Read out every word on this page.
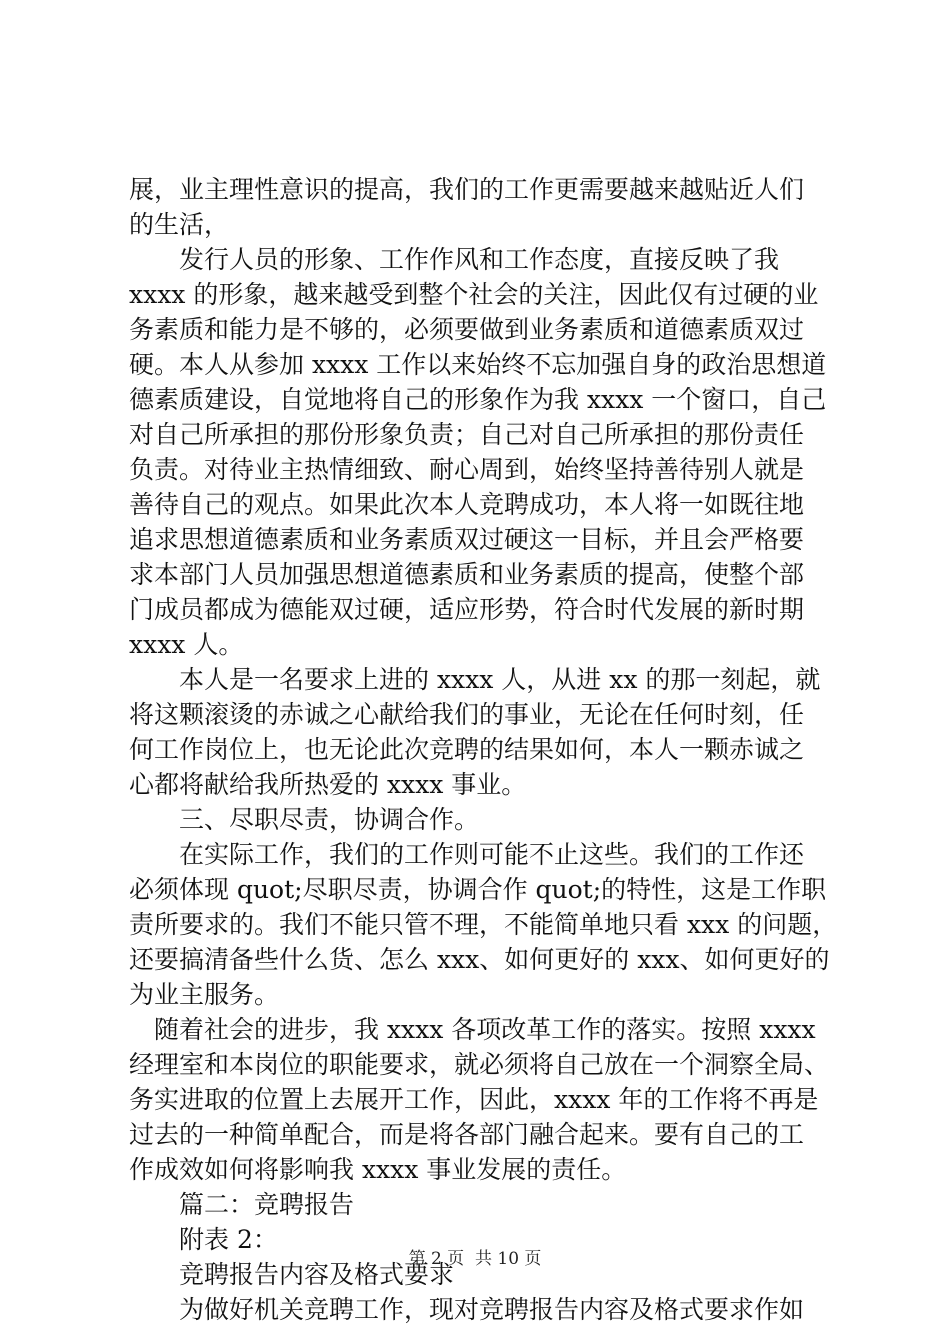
展，业主理性意识的提高，我们的工作更需要越来越贴近人们
的生活，
　　发行人员的形象、工作作风和工作态度，直接反映了我
xxxx 的形象，越来越受到整个社会的关注，因此仅有过硬的业
务素质和能力是不够的，必须要做到业务素质和道德素质双过
硬。本人从参加 xxxx 工作以来始终不忘加强自身的政治思想道
德素质建设，自觉地将自己的形象作为我 xxxx 一个窗口，自己
对自己所承担的那份形象负责；自己对自己所承担的那份责任
负责。对待业主热情细致、耐心周到，始终坚持善待别人就是
善待自己的观点。如果此次本人竞聘成功，本人将一如既往地
追求思想道德素质和业务素质双过硬这一目标，并且会严格要
求本部门人员加强思想道德素质和业务素质的提高，使整个部
门成员都成为德能双过硬，适应形势，符合时代发展的新时期
xxxx 人。
　　本人是一名要求上进的 xxxx 人，从进 xx 的那一刻起，就
将这颗滚烫的赤诚之心献给我们的事业，无论在任何时刻，任
何工作岗位上，也无论此次竞聘的结果如何，本人一颗赤诚之
心都将献给我所热爱的 xxxx 事业。
　　三、尽职尽责，协调合作。
　　在实际工作，我们的工作则可能不止这些。我们的工作还
必须体现 quot;尽职尽责，协调合作 quot;的特性，这是工作职
责所要求的。我们不能只管不理，不能简单地只看 xxx 的问题，
还要搞清备些什么货、怎么 xxx、如何更好的 xxx、如何更好的
为业主服务。
　随着社会的进步，我 xxxx 各项改革工作的落实。按照 xxxx
经理室和本岗位的职能要求，就必须将自己放在一个洞察全局、
务实进取的位置上去展开工作，因此，xxxx 年的工作将不再是
过去的一种简单配合，而是将各部门融合起来。要有自己的工
作成效如何将影响我 xxxx 事业发展的责任。
　　篇二：竞聘报告
　　附表 2：
　　竞聘报告内容及格式要求
　　为做好机关竞聘工作，现对竞聘报告内容及格式要求作如
第 2 页  共 10 页
